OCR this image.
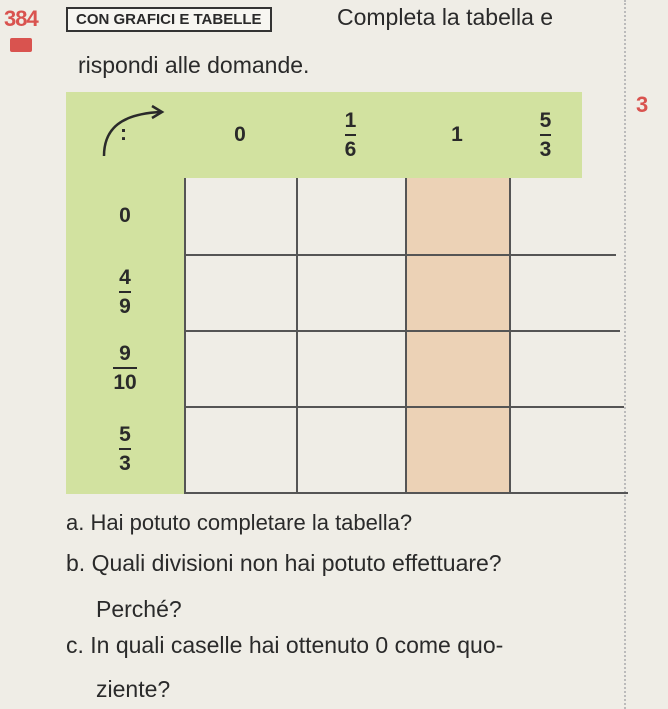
384	CON GRAFICI E TABELLE	Completa la tabella e
rispondi alle domande.
3
:	0	$\frac{1}{6}$	1	$\frac{5}{3}$
0
$\frac{4}{9}$
$\frac{9}{10}$
$\frac{5}{3}$
a. Hai potuto completare la tabella?
b. Quali divisioni non hai potuto effettuare?
Perché?
c. In quali caselle hai ottenuto 0 come quo-
ziente?
